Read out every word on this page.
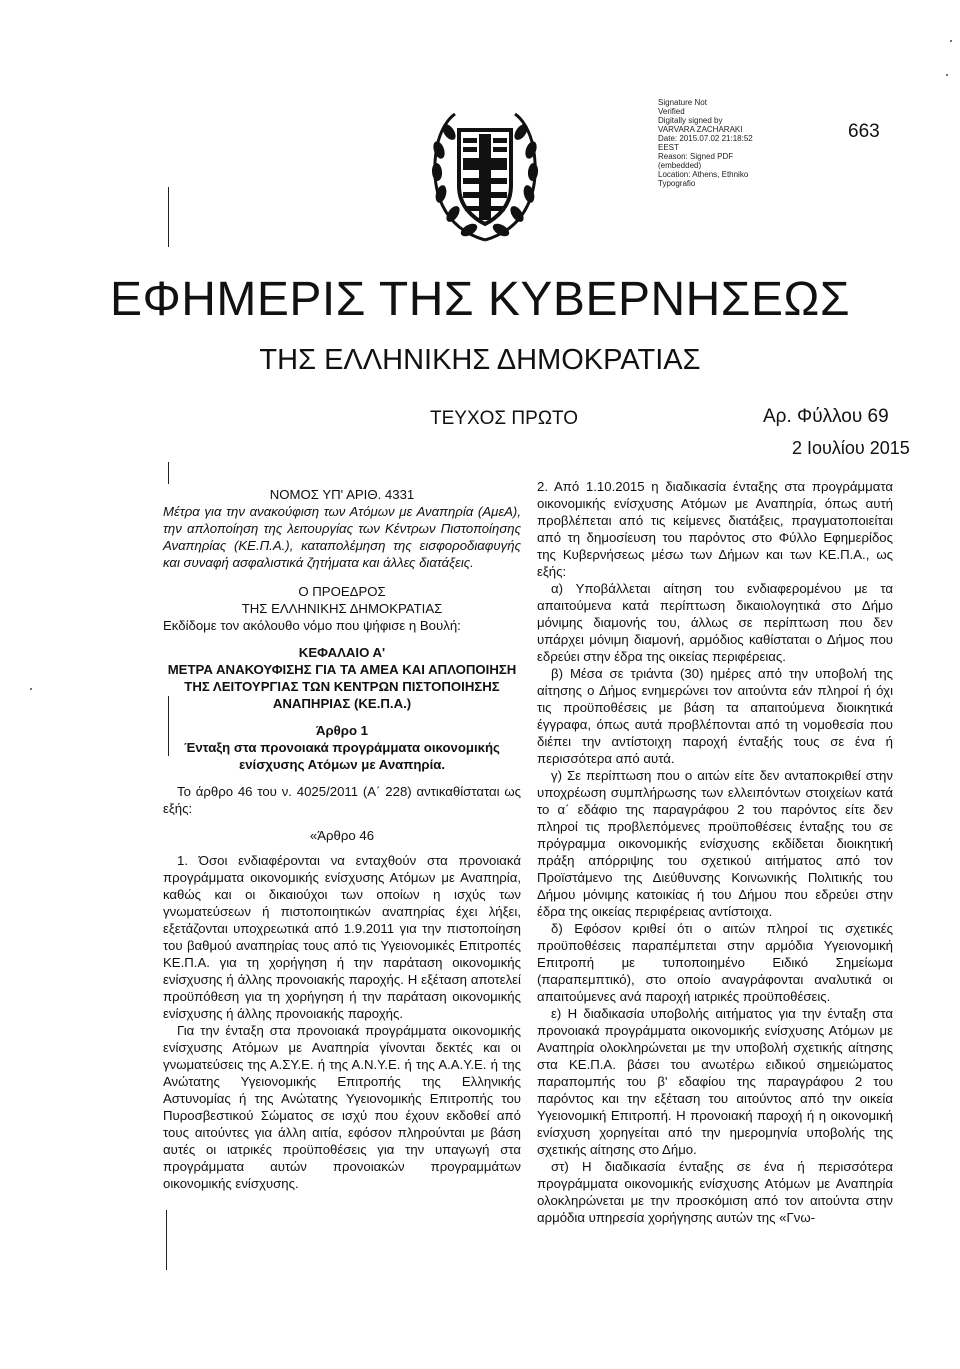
Signature Not
Verified
Digitally signed by
VARVARA ZACHARAKI
Date: 2015.07.02 21:18:52
EEST
Reason: Signed PDF
(embedded)
Location: Athens, Ethniko
Typografio
663
ΕΦΗΜΕΡΙΣ ΤΗΣ ΚΥΒΕΡΝΗΣΕΩΣ
ΤΗΣ ΕΛΛΗΝΙΚΗΣ ΔΗΜΟΚΡΑΤΙΑΣ
ΤΕΥΧΟΣ ΠΡΩΤΟ	Αρ. Φύλλου 69
2 Ιουλίου 2015

ΝΟΜΟΣ ΥΠ' ΑΡΙΘ. 4331

Μέτρα για την ανακούφιση των Ατόμων με Αναπηρία (ΑμεΑ), την απλοποίηση της λειτουργίας των Κέντρων Πιστοποίησης Αναπηρίας (ΚΕ.Π.Α.), καταπολέμηση της εισφοροδιαφυγής και συναφή ασφαλιστικά ζητήματα και άλλες διατάξεις.

Ο ΠΡΟΕΔΡΟΣ

ΤΗΣ ΕΛΛΗΝΙΚΗΣ ΔΗΜΟΚΡΑΤΙΑΣ

Εκδίδομε τον ακόλουθο νόμο που ψήφισε η Βουλή:

ΚΕΦΑΛΑΙΟ Α'

ΜΕΤΡΑ ΑΝΑΚΟΥΦΙΣΗΣ ΓΙΑ ΤΑ ΑΜΕΑ ΚΑΙ ΑΠΛΟΠΟΙΗΣΗ ΤΗΣ ΛΕΙΤΟΥΡΓΙΑΣ ΤΩΝ ΚΕΝΤΡΩΝ ΠΙΣΤΟΠΟΙΗΣΗΣ ΑΝΑΠΗΡΙΑΣ (ΚΕ.Π.Α.)

Άρθρο 1

Ένταξη στα προνοιακά προγράμματα οικονομικής ενίσχυσης Ατόμων με Αναπηρία.

Το άρθρο 46 του ν. 4025/2011 (Α΄ 228) αντικαθίσταται ως εξής:

«Άρθρο 46

1. Όσοι ενδιαφέρονται να ενταχθούν στα προνοιακά προγράμματα οικονομικής ενίσχυσης Ατόμων με Αναπηρία, καθώς και οι δικαιούχοι των οποίων η ισχύς των γνωματεύσεων ή πιστοποιητικών αναπηρίας έχει λήξει, εξετάζονται υποχρεωτικά από 1.9.2011 για την πιστοποίηση του βαθμού αναπηρίας τους από τις Υγειονομικές Επιτροπές ΚΕ.Π.Α. για τη χορήγηση ή την παράταση οικονομικής ενίσχυσης ή άλλης προνοιακής παροχής. Η εξέταση αποτελεί προϋπόθεση για τη χορήγηση ή την παράταση οικονομικής ενίσχυσης ή άλλης προνοιακής παροχής.

Για την ένταξη στα προνοιακά προγράμματα οικονομικής ενίσχυσης Ατόμων με Αναπηρία γίνονται δεκτές και οι γνωματεύσεις της Α.ΣΥ.Ε. ή της Α.Ν.Υ.Ε. ή της Α.Α.Υ.Ε. ή της Ανώτατης Υγειονομικής Επιτροπής της Ελληνικής Αστυνομίας ή της Ανώτατης Υγειονομικής Επιτροπής του Πυροσβεστικού Σώματος σε ισχύ που έχουν εκδοθεί από τους αιτούντες για άλλη αιτία, εφόσον πληρούνται με βάση αυτές οι ιατρικές προϋποθέσεις για την υπαγωγή στα προγράμματα αυτών προνοιακών προγραμμάτων οικονομικής ενίσχυσης.

2. Από 1.10.2015 η διαδικασία ένταξης στα προγράμματα οικονομικής ενίσχυσης Ατόμων με Αναπηρία, όπως αυτή προβλέπεται από τις κείμενες διατάξεις, πραγματοποιείται από τη δημοσίευση του παρόντος στο Φύλλο Εφημερίδος της Κυβερνήσεως μέσω των Δήμων και των ΚΕ.Π.Α., ως εξής:

α) Υποβάλλεται αίτηση του ενδιαφερομένου με τα απαιτούμενα κατά περίπτωση δικαιολογητικά στο Δήμο μόνιμης διαμονής του, άλλως σε περίπτωση που δεν υπάρχει μόνιμη διαμονή, αρμόδιος καθίσταται ο Δήμος που εδρεύει στην έδρα της οικείας περιφέρειας.

β) Μέσα σε τριάντα (30) ημέρες από την υποβολή της αίτησης ο Δήμος ενημερώνει τον αιτούντα εάν πληροί ή όχι τις προϋποθέσεις με βάση τα απαιτούμενα διοικητικά έγγραφα, όπως αυτά προβλέπονται από τη νομοθεσία που διέπει την αντίστοιχη παροχή ένταξής τους σε ένα ή περισσότερα από αυτά.

γ) Σε περίπτωση που ο αιτών είτε δεν ανταποκριθεί στην υποχρέωση συμπλήρωσης των ελλειπόντων στοιχείων κατά το α΄ εδάφιο της παραγράφου 2 του παρόντος είτε δεν πληροί τις προβλεπόμενες προϋποθέσεις ένταξης του σε πρόγραμμα οικονομικής ενίσχυσης εκδίδεται διοικητική πράξη απόρριψης του σχετικού αιτήματος από τον Προϊστάμενο της Διεύθυνσης Κοινωνικής Πολιτικής του Δήμου μόνιμης κατοικίας ή του Δήμου που εδρεύει στην έδρα της οικείας περιφέρειας αντίστοιχα.

δ) Εφόσον κριθεί ότι ο αιτών πληροί τις σχετικές προϋποθέσεις παραπέμπεται στην αρμόδια Υγειονομική Επιτροπή με τυποποιημένο Ειδικό Σημείωμα (παραπεμπτικό), στο οποίο αναγράφονται αναλυτικά οι απαιτούμενες ανά παροχή ιατρικές προϋποθέσεις.

ε) Η διαδικασία υποβολής αιτήματος για την ένταξη στα προνοιακά προγράμματα οικονομικής ενίσχυσης Ατόμων με Αναπηρία ολοκληρώνεται με την υποβολή σχετικής αίτησης στα ΚΕ.Π.Α. βάσει του ανωτέρω ειδικού σημειώματος παραπομπής του β' εδαφίου της παραγράφου 2 του παρόντος και την εξέταση του αιτούντος από την οικεία Υγειονομική Επιτροπή. Η προνοιακή παροχή ή η οικονομική ενίσχυση χορηγείται από την ημερομηνία υποβολής της σχετικής αίτησης στο Δήμο.

στ) Η διαδικασία ένταξης σε ένα ή περισσότερα προγράμματα οικονομικής ενίσχυσης Ατόμων με Αναπηρία ολοκληρώνεται με την προσκόμιση από τον αιτούντα στην αρμόδια υπηρεσία χορήγησης αυτών της «Γνω-
